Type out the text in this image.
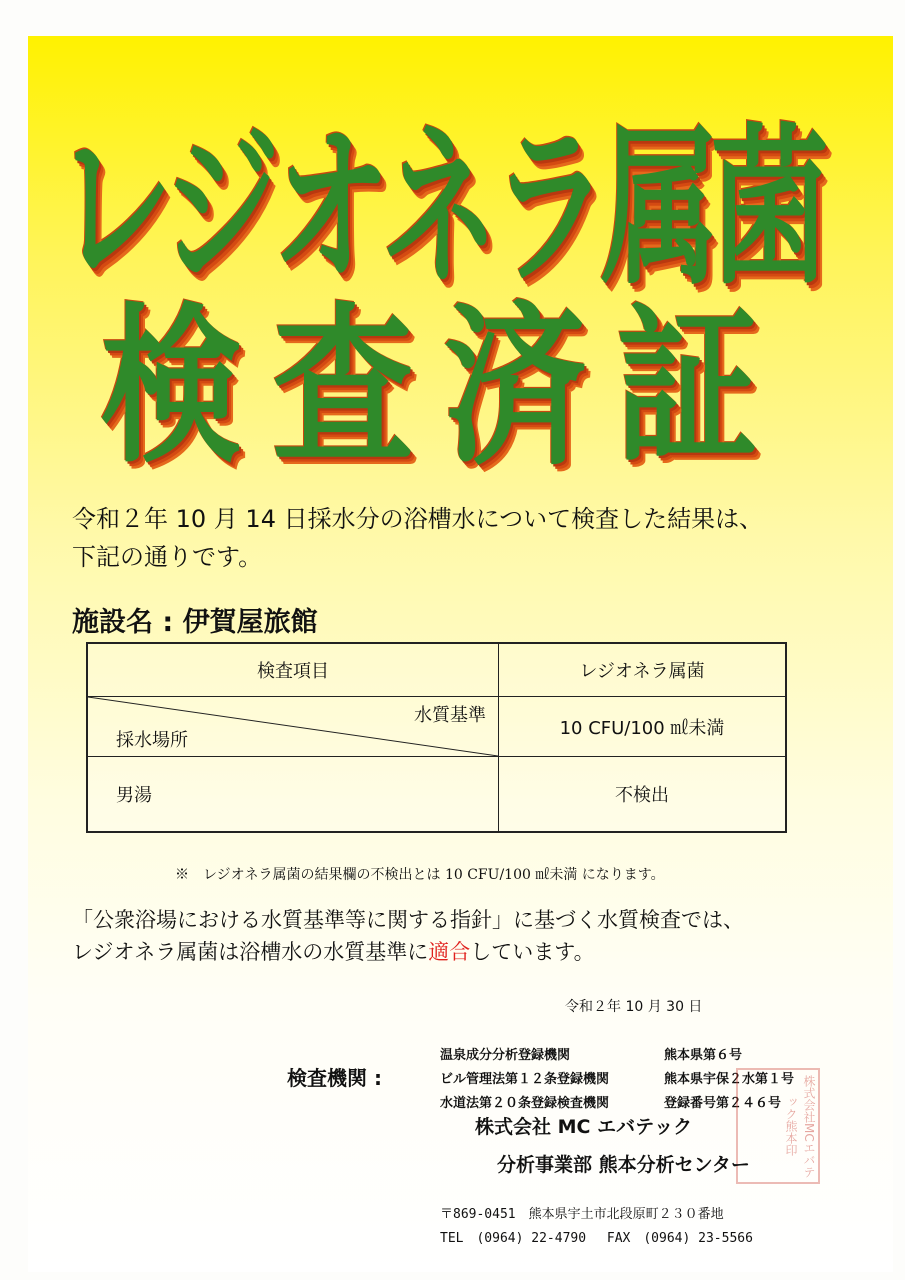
レジオネラ属菌
検査済証
令和２年 10 月 14 日採水分の浴槽水について検査した結果は、
下記の通りです。
施設名 : 伊賀屋旅館
検査項目	レジオネラ属菌

水質基準
採水場所	10 CFU/100 ㎖未満
男湯	不検出
※　レジオネラ属菌の結果欄の不検出とは 10 CFU/100 ㎖未満 になります。
「公衆浴場における水質基準等に関する指針」に基づく水質検査では、
レジオネラ属菌は浴槽水の水質基準に適合しています。
令和２年 10 月 30 日
検査機関 :
温泉成分分析登録機関	熊本県第６号
ビル管理法第１２条登録機関	熊本県宇保２水第１号
水道法第２０条登録検査機関	登録番号第２４６号	株式会社MCエバテック熊本印
株式会社 MC エバテック
分析事業部 熊本分析センター
〒869-0451　熊本県宇土市北段原町２３０番地
TEL　(0964) 22-4790　 FAX　(0964) 23-5566
